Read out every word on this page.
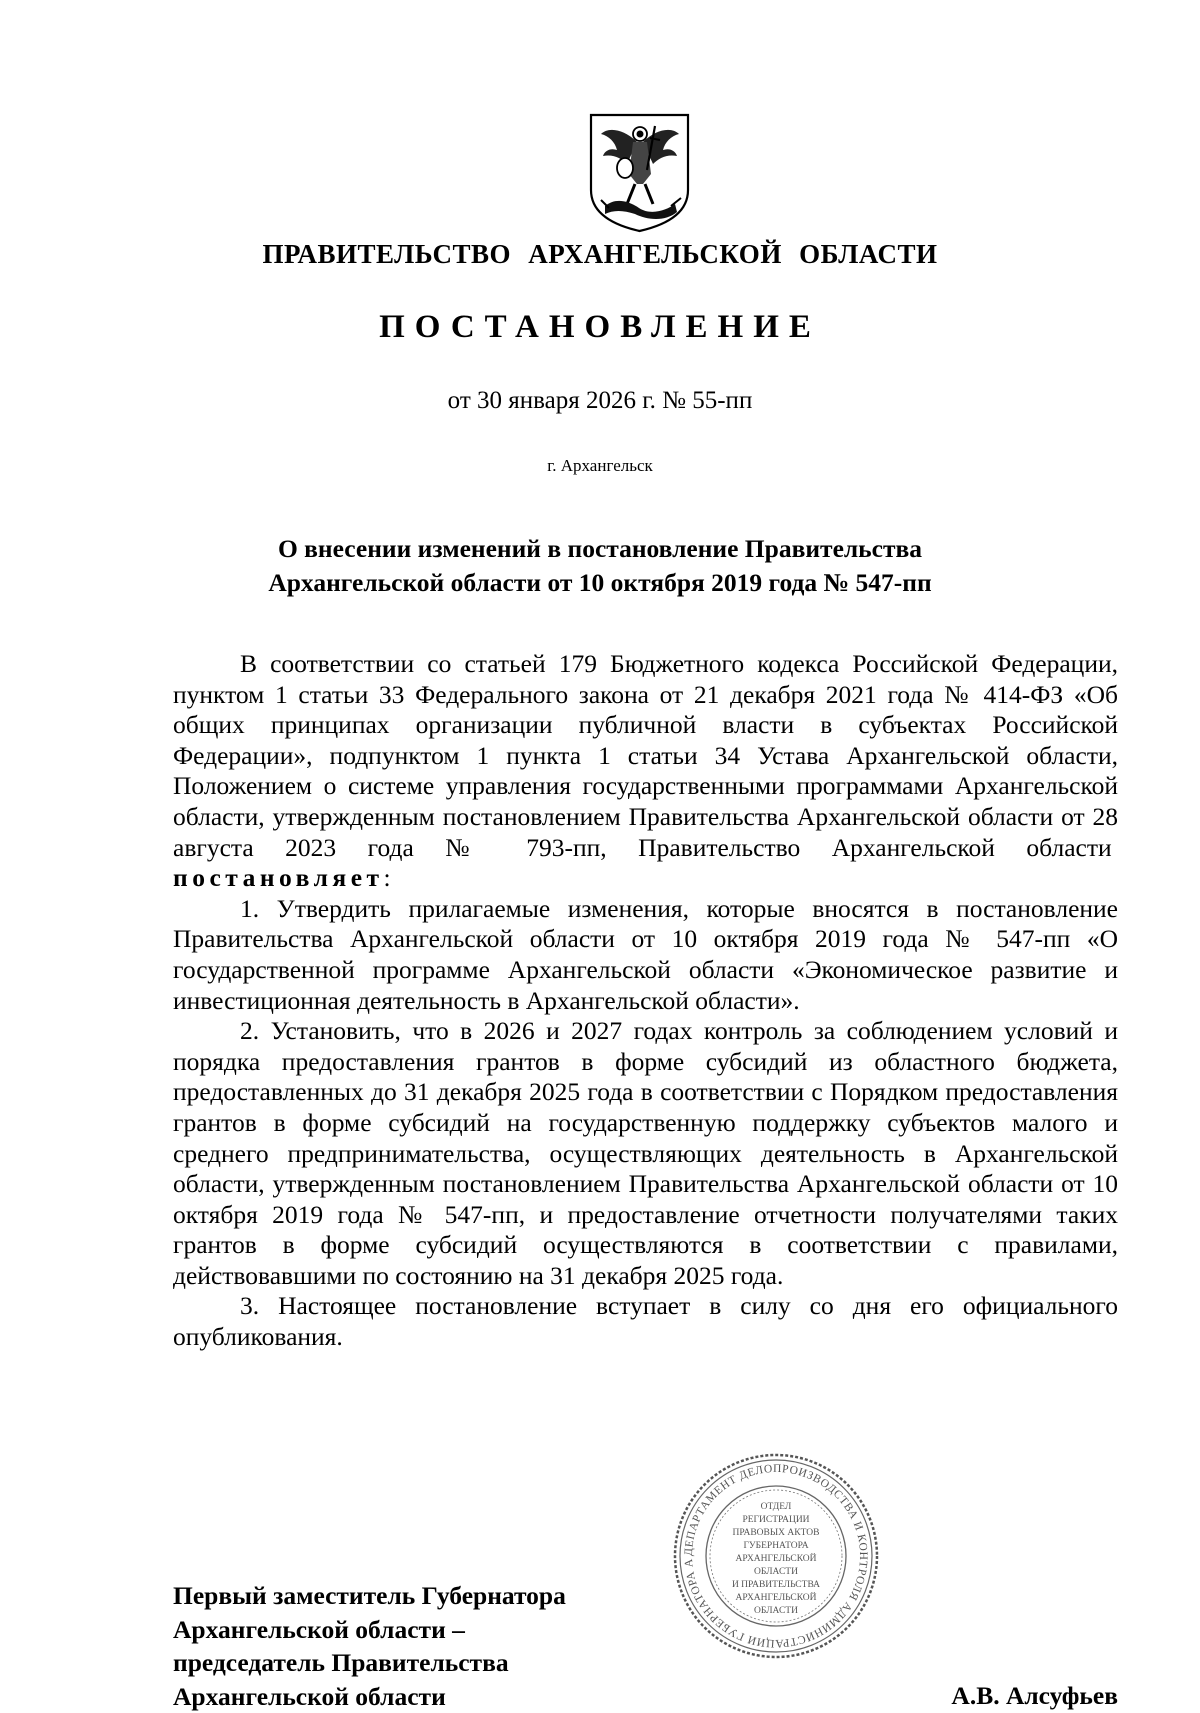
ПРАВИТЕЛЬСТВО АРХАНГЕЛЬСКОЙ ОБЛАСТИ
ПОСТАНОВЛЕНИЕ
от 30 января 2026 г. № 55-пп
г. Архангельск
О внесении изменений в постановление Правительства
Архангельской области от 10 октября 2019 года № 547-пп

В соответствии со статьей 179 Бюджетного кодекса Российской Федерации, пунктом 1 статьи 33 Федерального закона от 21 декабря 2021 года № 414-ФЗ «Об общих принципах организации публичной власти в субъектах Российской Федерации», подпунктом 1 пункта 1 статьи 34 Устава Архангельской области, Положением о системе управления государственными программами Архангельской области, утвержденным постановлением Правительства Архангельской области от 28 августа 2023 года № 793-пп, Правительство Архангельской области  постановляет:

1. Утвердить прилагаемые изменения, которые вносятся в постановление Правительства Архангельской области от 10 октября 2019 года № 547-пп «О государственной программе Архангельской области «Экономическое развитие и инвестиционная деятельность в Архангельской области».

2. Установить, что в 2026 и 2027 годах контроль за соблюдением условий и порядка предоставления грантов в форме субсидий из областного бюджета, предоставленных до 31 декабря 2025 года в соответствии с Порядком предоставления грантов в форме субсидий на государственную поддержку субъектов малого и среднего предпринимательства, осуществляющих деятельность в Архангельской области, утвержденным постановлением Правительства Архангельской области от 10 октября 2019 года № 547-пп, и предоставление отчетности получателями таких грантов в форме субсидий осуществляются в соответствии с правилами, действовавшими по состоянию на 31 декабря 2025 года.

3. Настоящее постановление вступает в силу со дня его официального опубликования.

ДЕПАРТАМЕНТ ДЕЛОПРОИЗВОДСТВА И КОНТРОЛЯ АДМИНИСТРАЦИИ ГУБЕРНАТОРА А
ОТДЕЛ
РЕГИСТРАЦИИ
ПРАВОВЫХ АКТОВ
ГУБЕРНАТОРА
АРХАНГЕЛЬСКОЙ
ОБЛАСТИ
И ПРАВИТЕЛЬСТВА
АРХАНГЕЛЬСКОЙ
ОБЛАСТИ
Первый заместитель Губернатора
Архангельской области –
председатель Правительства
Архангельской области	А.В. Алсуфьев
